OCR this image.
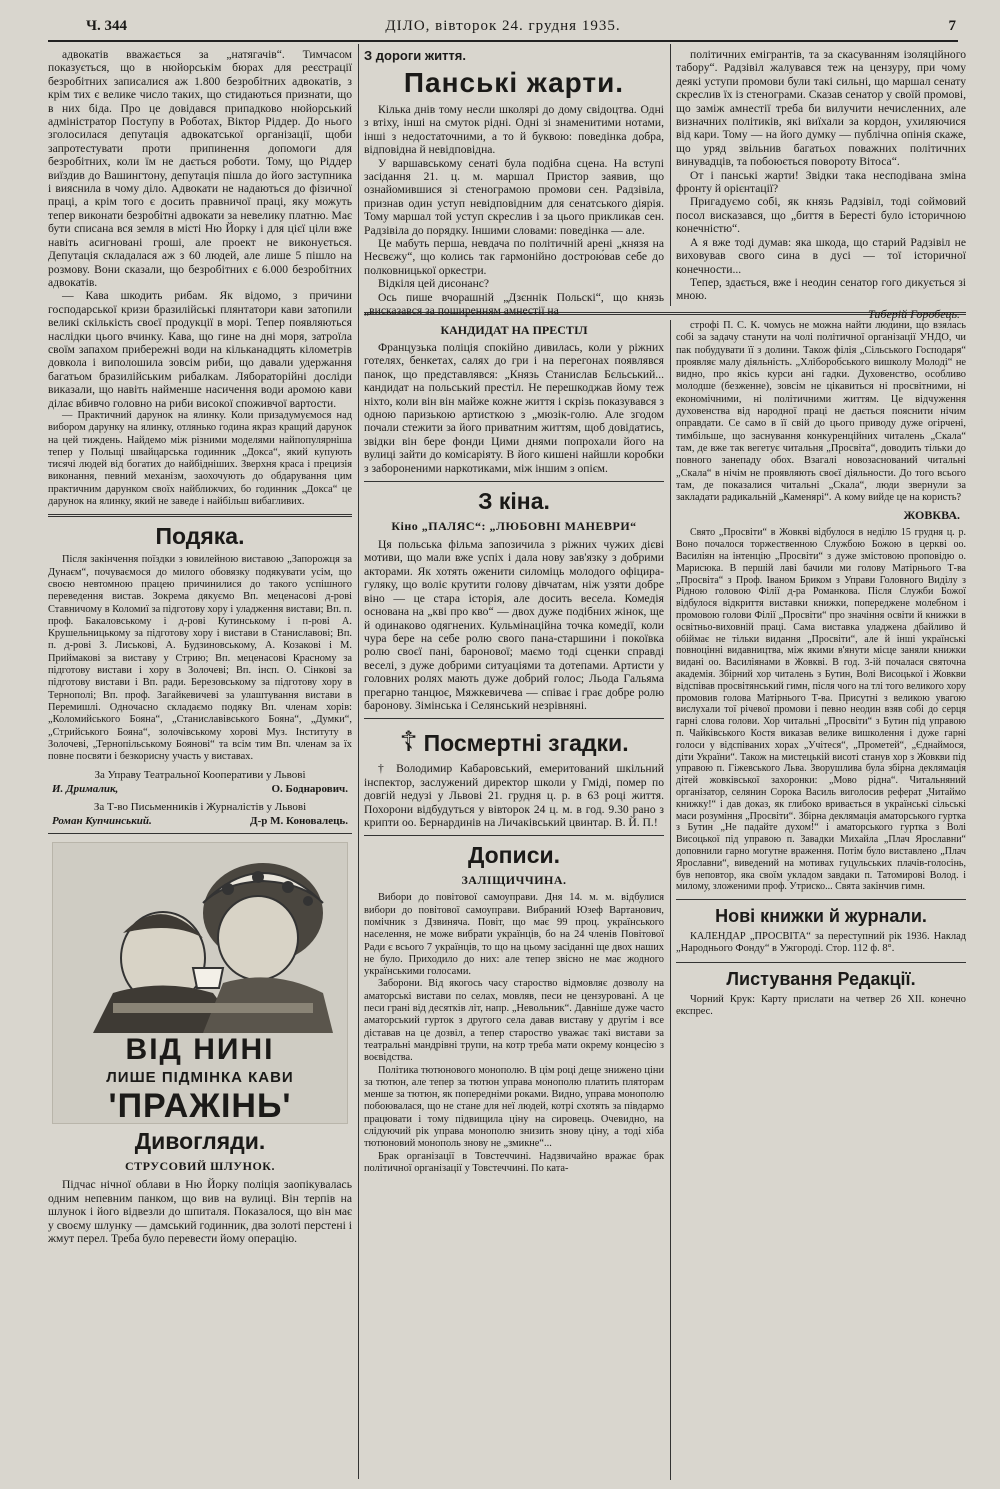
Ч. 344	ДІЛО, вівторок 24. грудня 1935.	7

адвокатів вважається за „натягачів“. Тимчасом показується, що в нюйорськім бюрах для реєстрації безробітних записалися аж 1.800 безробітних адвокатів, з крім тих є велике число таких, що стидаються признати, що в них біда. Про це довідався припадково нюйорський адміністратор Поступу в Роботах, Віктор Ріддер. До нього зголосилася депутація адвокатської організації, щоби запротестувати проти припинення допомоги для безробітних, коли їм не дається роботи. Тому, що Ріддер виїздив до Вашингтону, депутація пішла до його заступника і вияснила в чому діло. Адвокати не надаються до фізичної праці, а крім того є досить правничої праці, яку можуть тепер виконати безробітні адвокати за невелику платню. Має бути списана вся земля в місті Ню Йорку і для цієї ціли вже навіть асигновані гроші, але проект не виконується. Депутація складалася аж з 60 людей, але лише 5 пішло на розмову. Вони сказали, що безробітних є 6.000 безробітних адвокатів.

— Кава шкодить рибам. Як відомо, з причини господарської кризи бразилійські плянтатори кави затопили великі скількість своєї продукції в морі. Тепер появляються наслідки цього вчинку. Кава, що гине на дні моря, затроїла своїм запахом прибережні води на кільканадцять кілометрів довкола і виполошила зовсім риби, що давали удержання багатьом бразилійським рибалкам. Лябораторійні досліди виказали, що навіть найменше насичення води аромою кави ділає вбивчо головно на риби високої споживчої вартости.

— Практичний дарунок на ялинку. Коли призадумуємося над вибором дарунку на ялинку, отлянько година якраз кращий дарунок на цей тиждень. Найдемо між різними моделями найпопулярніша тепер у Польщі швайцарська годинник „Докса“, який купують тисячі людей від богатих до найбідніших. Зверхня краса і прецизія виконання, певний механізм, заохочують до обдарування цим практичним дарунком своїх найближчих, бо годинник „Докса“ це дарунок на ялинку, який не заведе і найбільш вибагливих.

Подяка.

Після закінчення поїздки з ювилейною виставою „Запорожця за Дунаєм“, почуваємося до милого обовязку подякувати усім, що своєю невтомною працею причинилися до такого успішного переведення вистав. Зокрема дякуємо Вп. меценасові д-рові Ставничому в Коломиї за підготову хору і уладження вистави; Вп. п. проф. Бакаловському і д-рові Кутинському і п-рові А. Крушельницькому за підготову хору і вистави в Станиславові; Вп. п. д-рові З. Лиськові, А. Будзиновському, А. Козакові і М. Приймакові за виставу у Стрию; Вп. меценасові Красному за підготову вистави і хору в Золочеві; Вп. інсп. О. Сінкові за підготову вистави і Вп. ради. Березовському за підготову хору в Тернополі; Вп. проф. Загайкевичеві за улаштування вистави в Перемишлі. Одночасно складаємо подяку Вп. членам хорів: „Коломийського Бояна“, „Станиславівського Бояна“, „Думки“, „Стрийського Бояна“, золочівському хорові Муз. Інституту в Золочеві, „Тернопільському Боянові“ та всім тим Вп. членам за їх повне посвяти і безкорисну участь у виставах.

За Управу Театральної Кооперативи у Львові
И. Дрималик,	О. Боднарович.
За Т-во Письменників і Журналістів у Львові
Роман Купчинський.	Д-р М. Коновалець.
ВІД НИНІ
ЛИШЕ ПІДМІНКА КАВИ
'ПРАЖІНЬ'
Дивогляди.
СТРУСОВИЙ ШЛУНОК.

Підчас нічної облави в Ню Йорку поліція заопікувалась одним непевним панком, що вив на вулиці. Він терпів на шлунок і його відвезли до шпиталя. Показалося, що він має у своєму шлунку — дамський годинник, два золоті перстені і жмут перел. Треба було перевести йому операцію.

З дороги життя.
Панські жарти.

Кілька днів тому несли школярі до дому свідоцтва. Одні з втіху, інші на смуток рідні. Одні зі знаменитими нотами, інші з недостаточними, а то й буквою: поведінка добра, відповідна й невідповідна.

У варшавському сенаті була подібна сцена. На вступі засідання 21. ц. м. маршал Пристор заявив, що ознайомившися зі стенограмою промови сен. Радзівіла, признав один уступ невідповідним для сенатського діярія. Тому маршал той уступ скреслив і за цього приклика́в сен. Радзівіла до порядку. Іншими словами: поведінка — але.

Це мабуть перша, невдача по політичній арені „князя на Несвєжу“, що колись так гармонійно дострою́вав себе до полковницької оркестри.

Відкіля цей дисонанс?

Ось пише вчорашній „Дзєннік Польскі“, що князь „висказався за поширенням амнестії на

КАНДИДАТ НА ПРЕСТІЛ

Французька поліція спокійно дивилась, коли у ріжних готелях, бенкетах, салях до гри і на перегонах появлявся панок, що представлявся: „Князь Станислав Бєльський... кандидат на польський престіл. Не перешкоджав йому теж ніхто, коли він він майже кожне життя і скрізь показувався з одною паризькою артисткою з „мюзік-голю. Але згодом почали стежити за його приватним життям, щоб довідатись, звідки він бере фонди Цими днями попрохали його на вулиці зайти до комісаріяту. В його кишені найшли коробки з забороненими наркотиками, між іншим з опієм.

З кіна.
Кіно „ПАЛЯС“: „ЛЮБОВНІ МАНЕВРИ“

Ця польська фільма запозичила з ріжних чужих дієві мотиви, що мали вже успіх і дала нову зав'язку з добрими акторами. Як хотять оженити силоміць молодого офіцира-гуляку, що воліє крутити голову дівчатам, ніж узяти добре віно — це стара історія, але досить весела. Комедія основана на „кві про кво“ — двох дуже подібних жінок, ще й одинаково одягнених. Кульмінаційна точка комедії, коли чура бере на себе ролю свого пана-старшини і покоївка ролю своєї пані, баронової; маємо тоді сценки справді веселі, з дуже добрими ситуаціями та дотепами. Артисти у головних ролях мають дуже добрий голос; Льода Гальяма прегарно танцює, Мяжкевичева — співає і грає добре ролю бароновy. Зімінська і Селянський незрівняні.

☦ Посмертні згадки.

† Володимир Кабаровський, емеритований шкільний інспектор, заслужений директор школи у Гміді, помер по довгій недузі у Львові 21. грудня ц. р. в 63 році життя. Похорони відбудуться у вівторок 24 ц. м. в год. 9.30 рано з крипти оо. Бернардинів на Личаківський цвинтар. В. Й. П.!

Дописи.
ЗАЛІЩИЧЧИНА.

Вибори до повітової самоуправи. Дня 14. м. м. відбулися вибори до повітової самоуправи. Вибраний Юзеф Вартанович, помічник з Дзвиняча. Повіт, що має 99 проц. українського населення, не може вибрати українців, бо на 24 членів Повітової Ради є всього 7 українців, то що на цьому засіданні ще двох наших не було. Приходило до них: але тепер звісно не має жодного українськими голосами.

Заборони. Від якогось часу староство відмовляє дозволу на аматорські вистави по селах, мовляв, песи не цензуровані. А це песи грані від десятків літ, напр. „Невольник“. Давніше дуже часто аматорський гурток з другого села давав виставу у другім і все діставав на це дозвіл, а тепер староство уважає такі вистави за театральні мандрівні трупи, на котр треба мати окрему концесію з воєвідства.

Політика тютюнового монополю. В цім році деще знижено ціни за тютюн, але тепер за тютюн управа монополю платить пляторам менше за тютюн, як попередніми роками. Видно, управа монополю побоювалася, що не стане для неї людей, котрі схотять за півдармо працювати і тому підвищила ціну на сировець. Очевидно, на слідуючий рік управа монополю знизить знову ціну, а тоді хіба тютюновий монополь знову не „змикне“...

Брак організації в Товстеччині. Надзвичайно вражає брак політичної організації у Товстеччині. По ката-

політичних емігрантів, та за скасуванням ізоляційного табору“. Радзівіл жалувався теж на цензуру, при чому деякі уступи промови були такі сильні, що маршал сенату скреслив їх із стенограми. Сказав сенатор у своїй промові, що заміж амнестії треба би вилучити нечисленних, але визначних політиків, які виїхали за кордон, ухиляючися від кари. Тому — на його думку — публічна опінія скаже, що уряд звільнив багатьох поважних політичних винувадців, та побоюється повороту Вітоса“.

От і панські жарти! Звідки така несподівана зміна фронту й орієнтації?

Пригадуємо собі, як князь Радзівіл, тоді соймовий посол висказався, що „биття в Бересті було історичною конечністю“.

А я вже тоді думав: яка шкода, що старий Радзівіл не виховував свого сина в дусі — тої історичної конечности...

Тепер, здається, вже і неодин сенатор гого дикується зі мною.

Тиберій Горобець.

строфі П. С. К. чомусь не можна найти людини, що взялась собі за задачу станути на чолі політичної організації УНДО, чи пак побудувати її з долини. Також філія „Сільського Господаря“ проявляє малу діяльність. „Хліборобського вишколу Молоді“ не видно, про якісь курси ані гадки. Духовенство, особливо молодше (безженне), зовсім не цікавиться ні просвітними, ні економічними, ні політичними життям. Це відчуження духовенства від народної праці не дається пояснити нічим оправдати. Се само в її свій до цього приводу дуже огірчені, тимбільше, що заснування конкуренційних читалень „Скала“ там, де вже так вегетує читальня „Просвіта“, доводить тільки до повного занепаду обох. Взагалі новозаснований читальні „Скала“ в нічім не проявляють своєї діяльности. До того всього там, де показалися читальні „Скала“, люди звернули за закладати радикальній „Каменярі“. А кому вийде це на користь?

ЖОВКВА.

Свято „Просвіти“ в Жовкві відбулося в неділю 15 грудня ц. р. Воно почалося торжественною Службою Божою в церкві оо. Василіян на інтенцію „Просвіти“ з дуже змістовою проповідю о. Марисюка. В першій лаві бачили ми голову Матірнього Т-ва „Просвіта“ з Проф. Іваном Бриком з Управи Головного Виділу з Рідною головою Філії д-ра Романкова. Після Служби Божої відбулося відкриття виставки книжки, попереджене молебном і промовою голови Філії „Просвіти“ про значіння освіти й книжки в освітньо-виховній праці. Сама виставка уладжена дбайливо й обіймає не тільки видання „Просвіти“, але й інші українські повноцінні видавництва, між якими в'янути місце заняли книжки видані оо. Василіянами в Жовкві. В год. 3-ій почалася святочна академія. Збірний хор читалень з Бутин, Волі Висоцької і Жовкви відспівав просвітянський гимн, після чого на тлі того великого хору промовив голова Матірнього Т-ва. Присутні з великою увагою вислухали тої річевої промови і певно неодин взяв собі до серця гарні слова голови. Хор читальні „Просвіти“ з Бутин під управою п. Чайківського Костя виказав велике вишколення і дуже гарні голоси у відспіваних хорах „Учітеся“, „Прометей“, „Єднаймося, діти України“. Також на мистецькій висоті станув хор з Жовкви під управою п. Гіжевського Льва. Зворушлива була збірна деклямація дітей жовківської захоронки: „Мово рідна“. Читальняний організатор, селянин Сорока Василь виголосив реферат „Читаймо книжку!“ і дав доказ, як глибоко вривається в українські сільські маси розуміння „Просвіти“. Збірна деклямація аматорського гуртка з Бутин „Не падайте духом!“ і аматорського гуртка з Волі Висоцької під управою п. Завадки Михайла „Плач Ярославни“ доповнили гарно могутне враження. Потім було виставлено „Плач Ярославни“, виведений на мотивах гуцульських плачів-голосінь, був неповтор, яка своїм укладом завдаки п. Татомирові Волод. і милому, зложеними проф. Утриско... Свята закінчив гимн.

Нові книжки й журнали.

КАЛЕНДАР „ПРОСВІТА“ за переступний рік 1936. Наклад „Народнього Фонду“ в Ужгороді. Стор. 112 ф. 8°.

Листування Редакції.

Чорний Крук: Карту прислати на четвер 26 XII. конечно експрес.
